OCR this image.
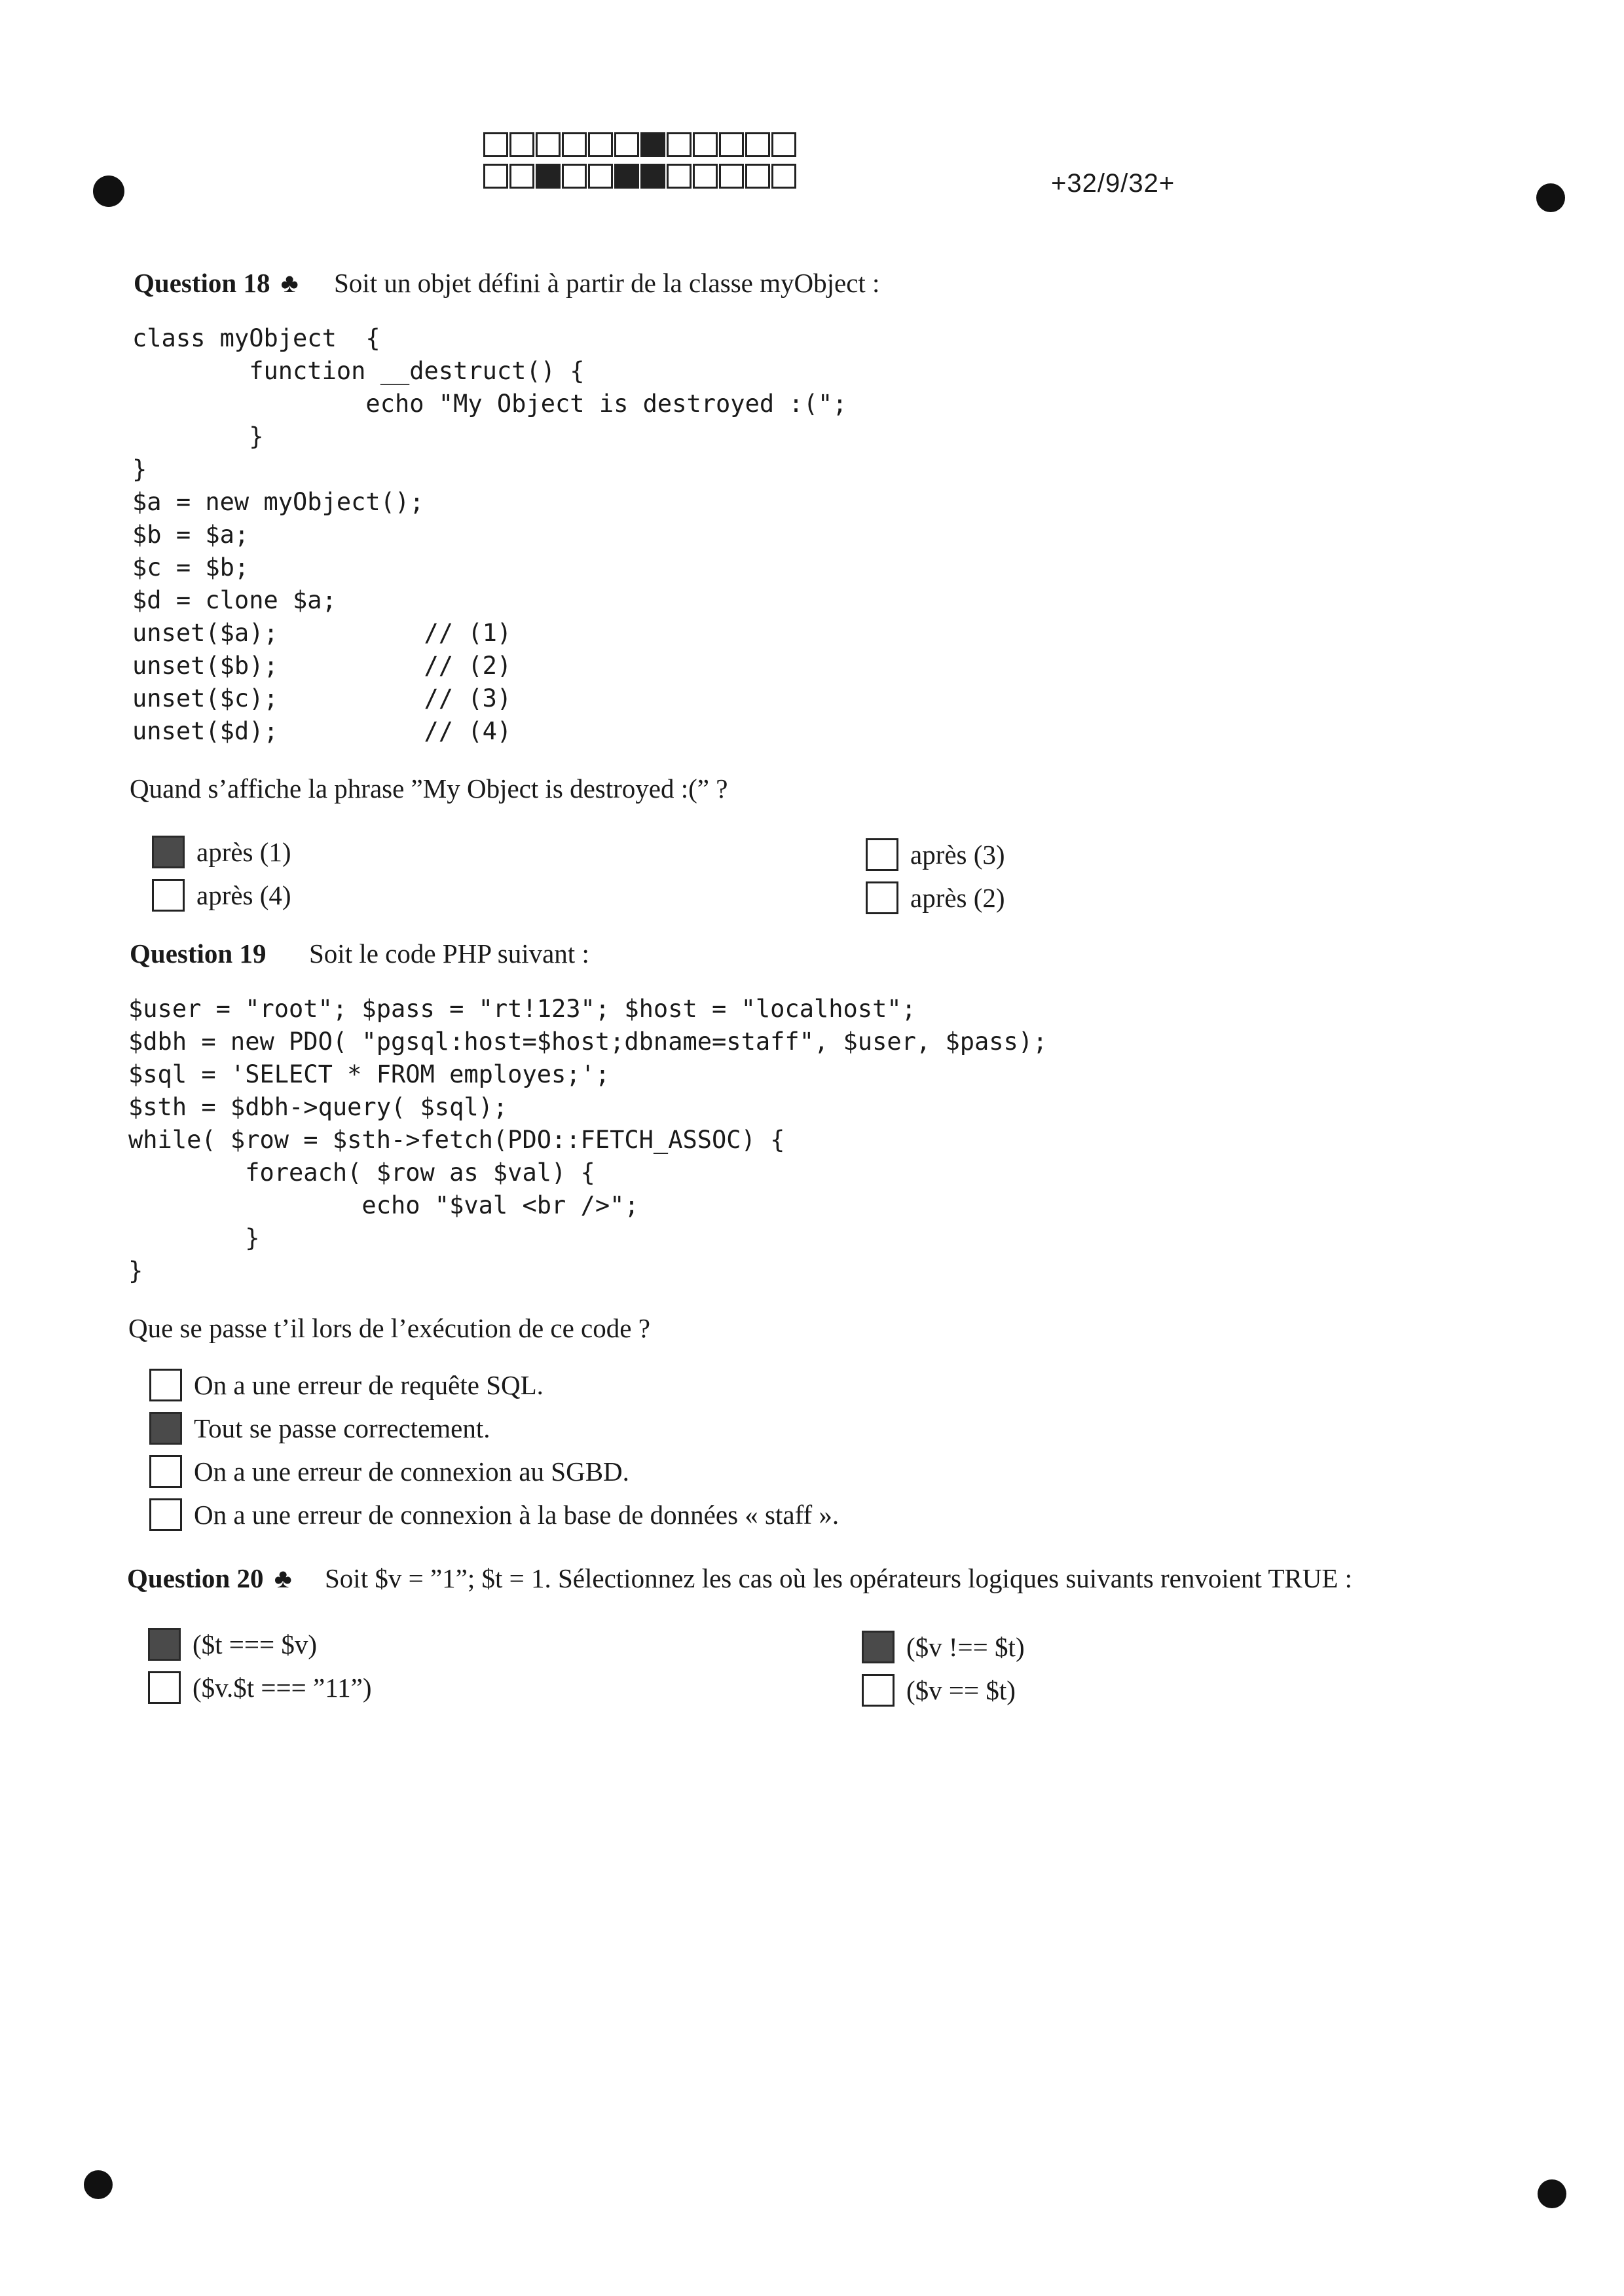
+32/9/32+
Question 18 ♣ Soit un objet défini à partir de la classe myObject :
class myObject  {
function __destruct() {
echo "My Object is destroyed :(";
}
}
$a = new myObject();
$b = $a;
$c = $b;
$d = clone $a;
unset($a);          // (1)
unset($b);          // (2)
unset($c);          // (3)
unset($d);          // (4)
Quand s’affiche la phrase ”My Object is destroyed :(” ?
après (1)	après (3)
après (4)	après (2)
Question 19 Soit le code PHP suivant :
$user = "root"; $pass = "rt!123"; $host = "localhost";
$dbh = new PDO( "pgsql:host=$host;dbname=staff", $user, $pass);
$sql = 'SELECT * FROM employes;';
$sth = $dbh->query( $sql);
while( $row = $sth->fetch(PDO::FETCH_ASSOC) {
foreach( $row as $val) {
echo "$val <br />";
}
}
Que se passe t’il lors de l’exécution de ce code ?
On a une erreur de requête SQL.
Tout se passe correctement.
On a une erreur de connexion au SGBD.
On a une erreur de connexion à la base de données « staff ».
Question 20 ♣ Soit $v = ”1”; $t = 1. Sélectionnez les cas où les opérateurs logiques suivants renvoient TRUE :
($t === $v)	($v !== $t)
($v.$t === ”11”)	($v == $t)
